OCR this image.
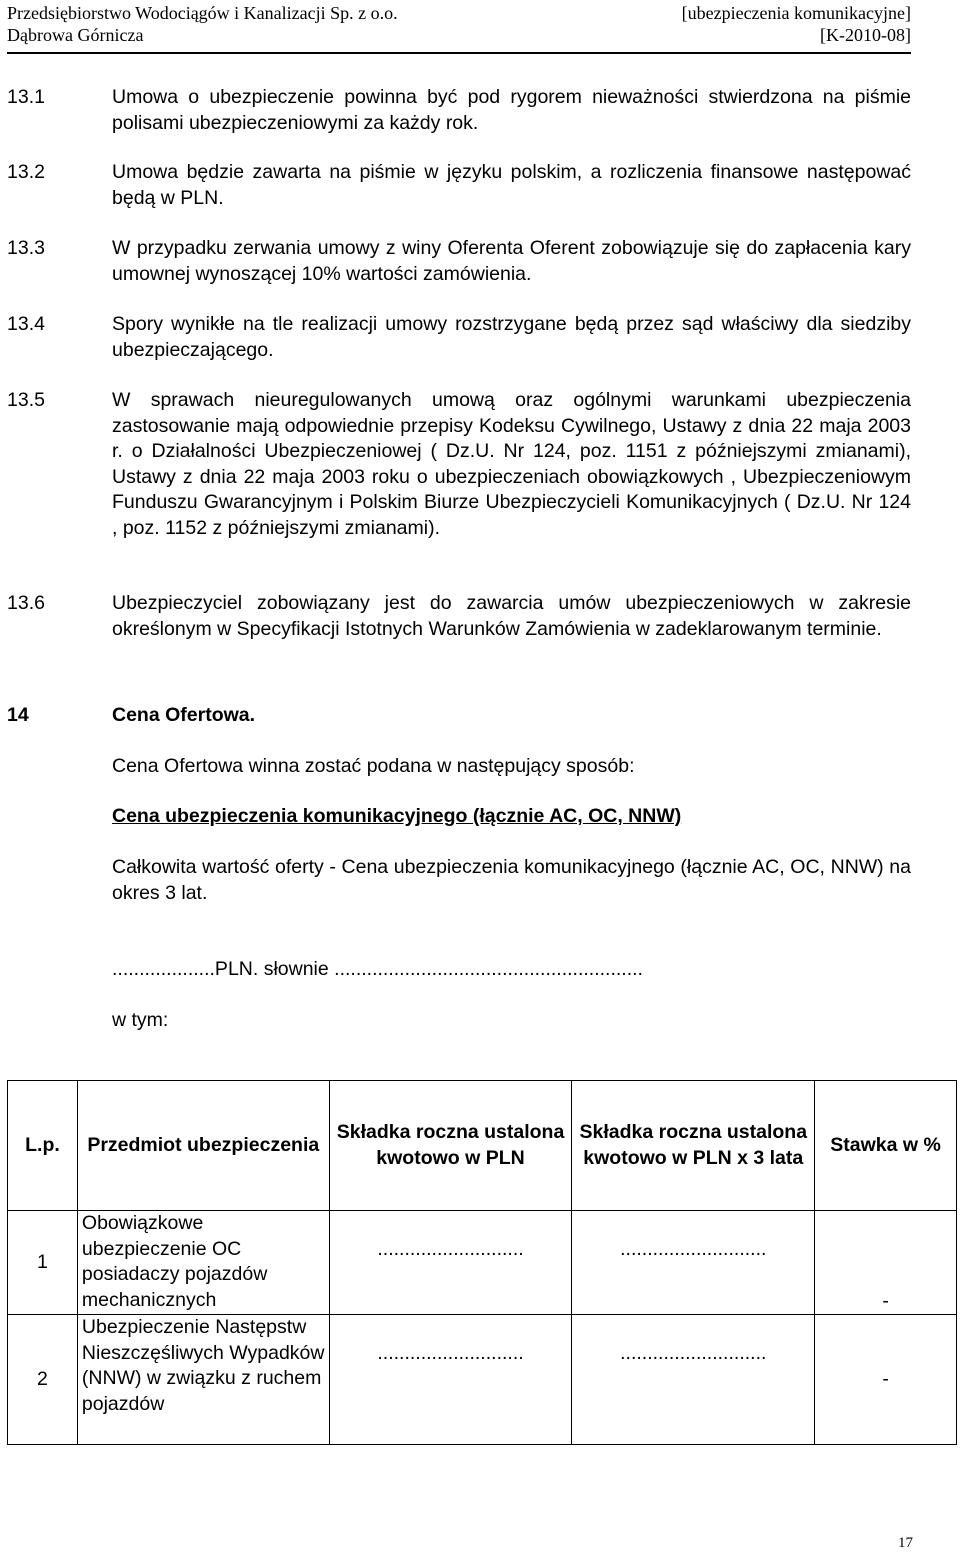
Przedsiębiorstwo Wodociągów i Kanalizacji Sp. z o.o.	[ubezpieczenia komunikacyjne]
Dąbrowa Górnicza	[K-2010-08]
13.1	Umowa o ubezpieczenie powinna być pod rygorem nieważności stwierdzona na piśmie polisami ubezpieczeniowymi za każdy rok.
13.2	Umowa będzie zawarta na piśmie w języku polskim, a rozliczenia finansowe następować będą w PLN.
13.3	W przypadku zerwania umowy z winy Oferenta Oferent zobowiązuje się do zapłacenia kary umownej wynoszącej 10% wartości zamówienia.
13.4	Spory wynikłe na tle realizacji umowy rozstrzygane będą przez sąd właściwy dla siedziby ubezpieczającego.
13.5	W sprawach nieuregulowanych umową oraz ogólnymi warunkami ubezpieczenia zastosowanie mają odpowiednie przepisy Kodeksu Cywilnego, Ustawy z dnia 22 maja 2003 r. o Działalności Ubezpieczeniowej ( Dz.U. Nr 124, poz. 1151 z późniejszymi zmianami), Ustawy z dnia 22 maja 2003 roku o ubezpieczeniach obowiązkowych , Ubezpieczeniowym Funduszu Gwarancyjnym i Polskim Biurze Ubezpieczycieli Komunikacyjnych ( Dz.U. Nr 124 , poz. 1152 z późniejszymi zmianami).
13.6	Ubezpieczyciel zobowiązany jest do zawarcia umów ubezpieczeniowych w zakresie określonym w Specyfikacji Istotnych Warunków Zamówienia w zadeklarowanym terminie.
14	Cena Ofertowa.
Cena Ofertowa winna zostać podana w następujący sposób:
Cena ubezpieczenia komunikacyjnego (łącznie AC, OC, NNW)
Całkowita wartość oferty - Cena ubezpieczenia komunikacyjnego (łącznie AC, OC, NNW) na okres 3 lat.
...................PLN. słownie .........................................................
w tym:
L.p.	Przedmiot ubezpieczenia	Składka roczna ustalona kwotowo w PLN	Składka roczna ustalona kwotowo w PLN x 3 lata	Stawka w %
1	Obowiązkowe ubezpieczenie OC posiadaczy pojazdów mechanicznych	...........................	...........................	-
2	Ubezpieczenie Następstw Nieszczęśliwych Wypadków (NNW) w związku z ruchem pojazdów	...........................	...........................	-
17
